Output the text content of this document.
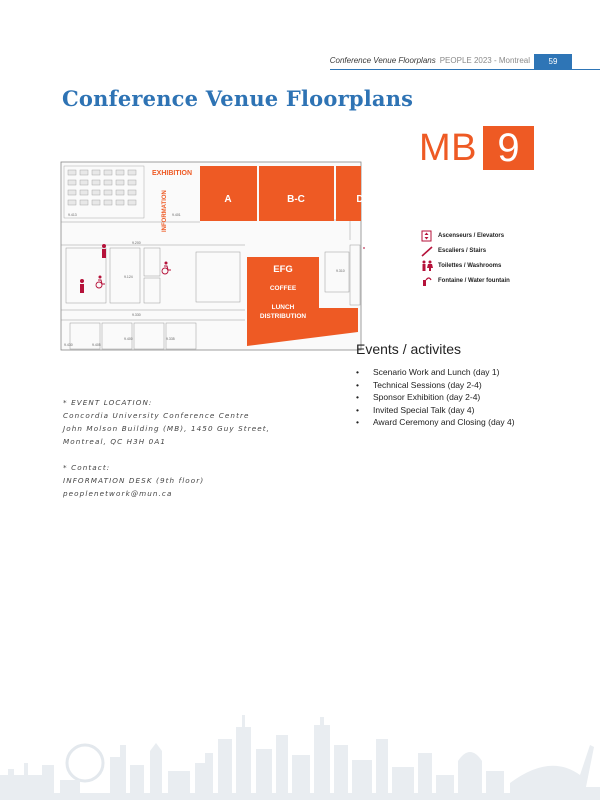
Conference Venue Floorplans PEOPLE 2023 - Montreal	59
Conference Venue Floorplans
MB 9
9.413	9.401
9.200
9.330
9.430	9.405
9.400	9.335
9.310
9.124
EXHIBITION
INFORMATION	A	B-C	D
EFG
COFFEE
LUNCH
DISTRIBUTION
Ascenseurs / Elevators
Escaliers / Stairs
Toilettes / Washrooms
Fontaine / Water fountain
Events / activites
• Scenario Work and Lunch (day 1)
• Technical Sessions (day 2-4)
• Sponsor Exhibition (day 2-4)
• Invited Special Talk (day 4)
• Award Ceremony and Closing (day 4)
* EVENT LOCATION:
Concordia University Conference Centre
John Molson Building (MB), 1450 Guy Street,
Montreal, QC H3H 0A1
* Contact:
INFORMATION DESK (9th floor)
peoplenetwork@mun.ca
